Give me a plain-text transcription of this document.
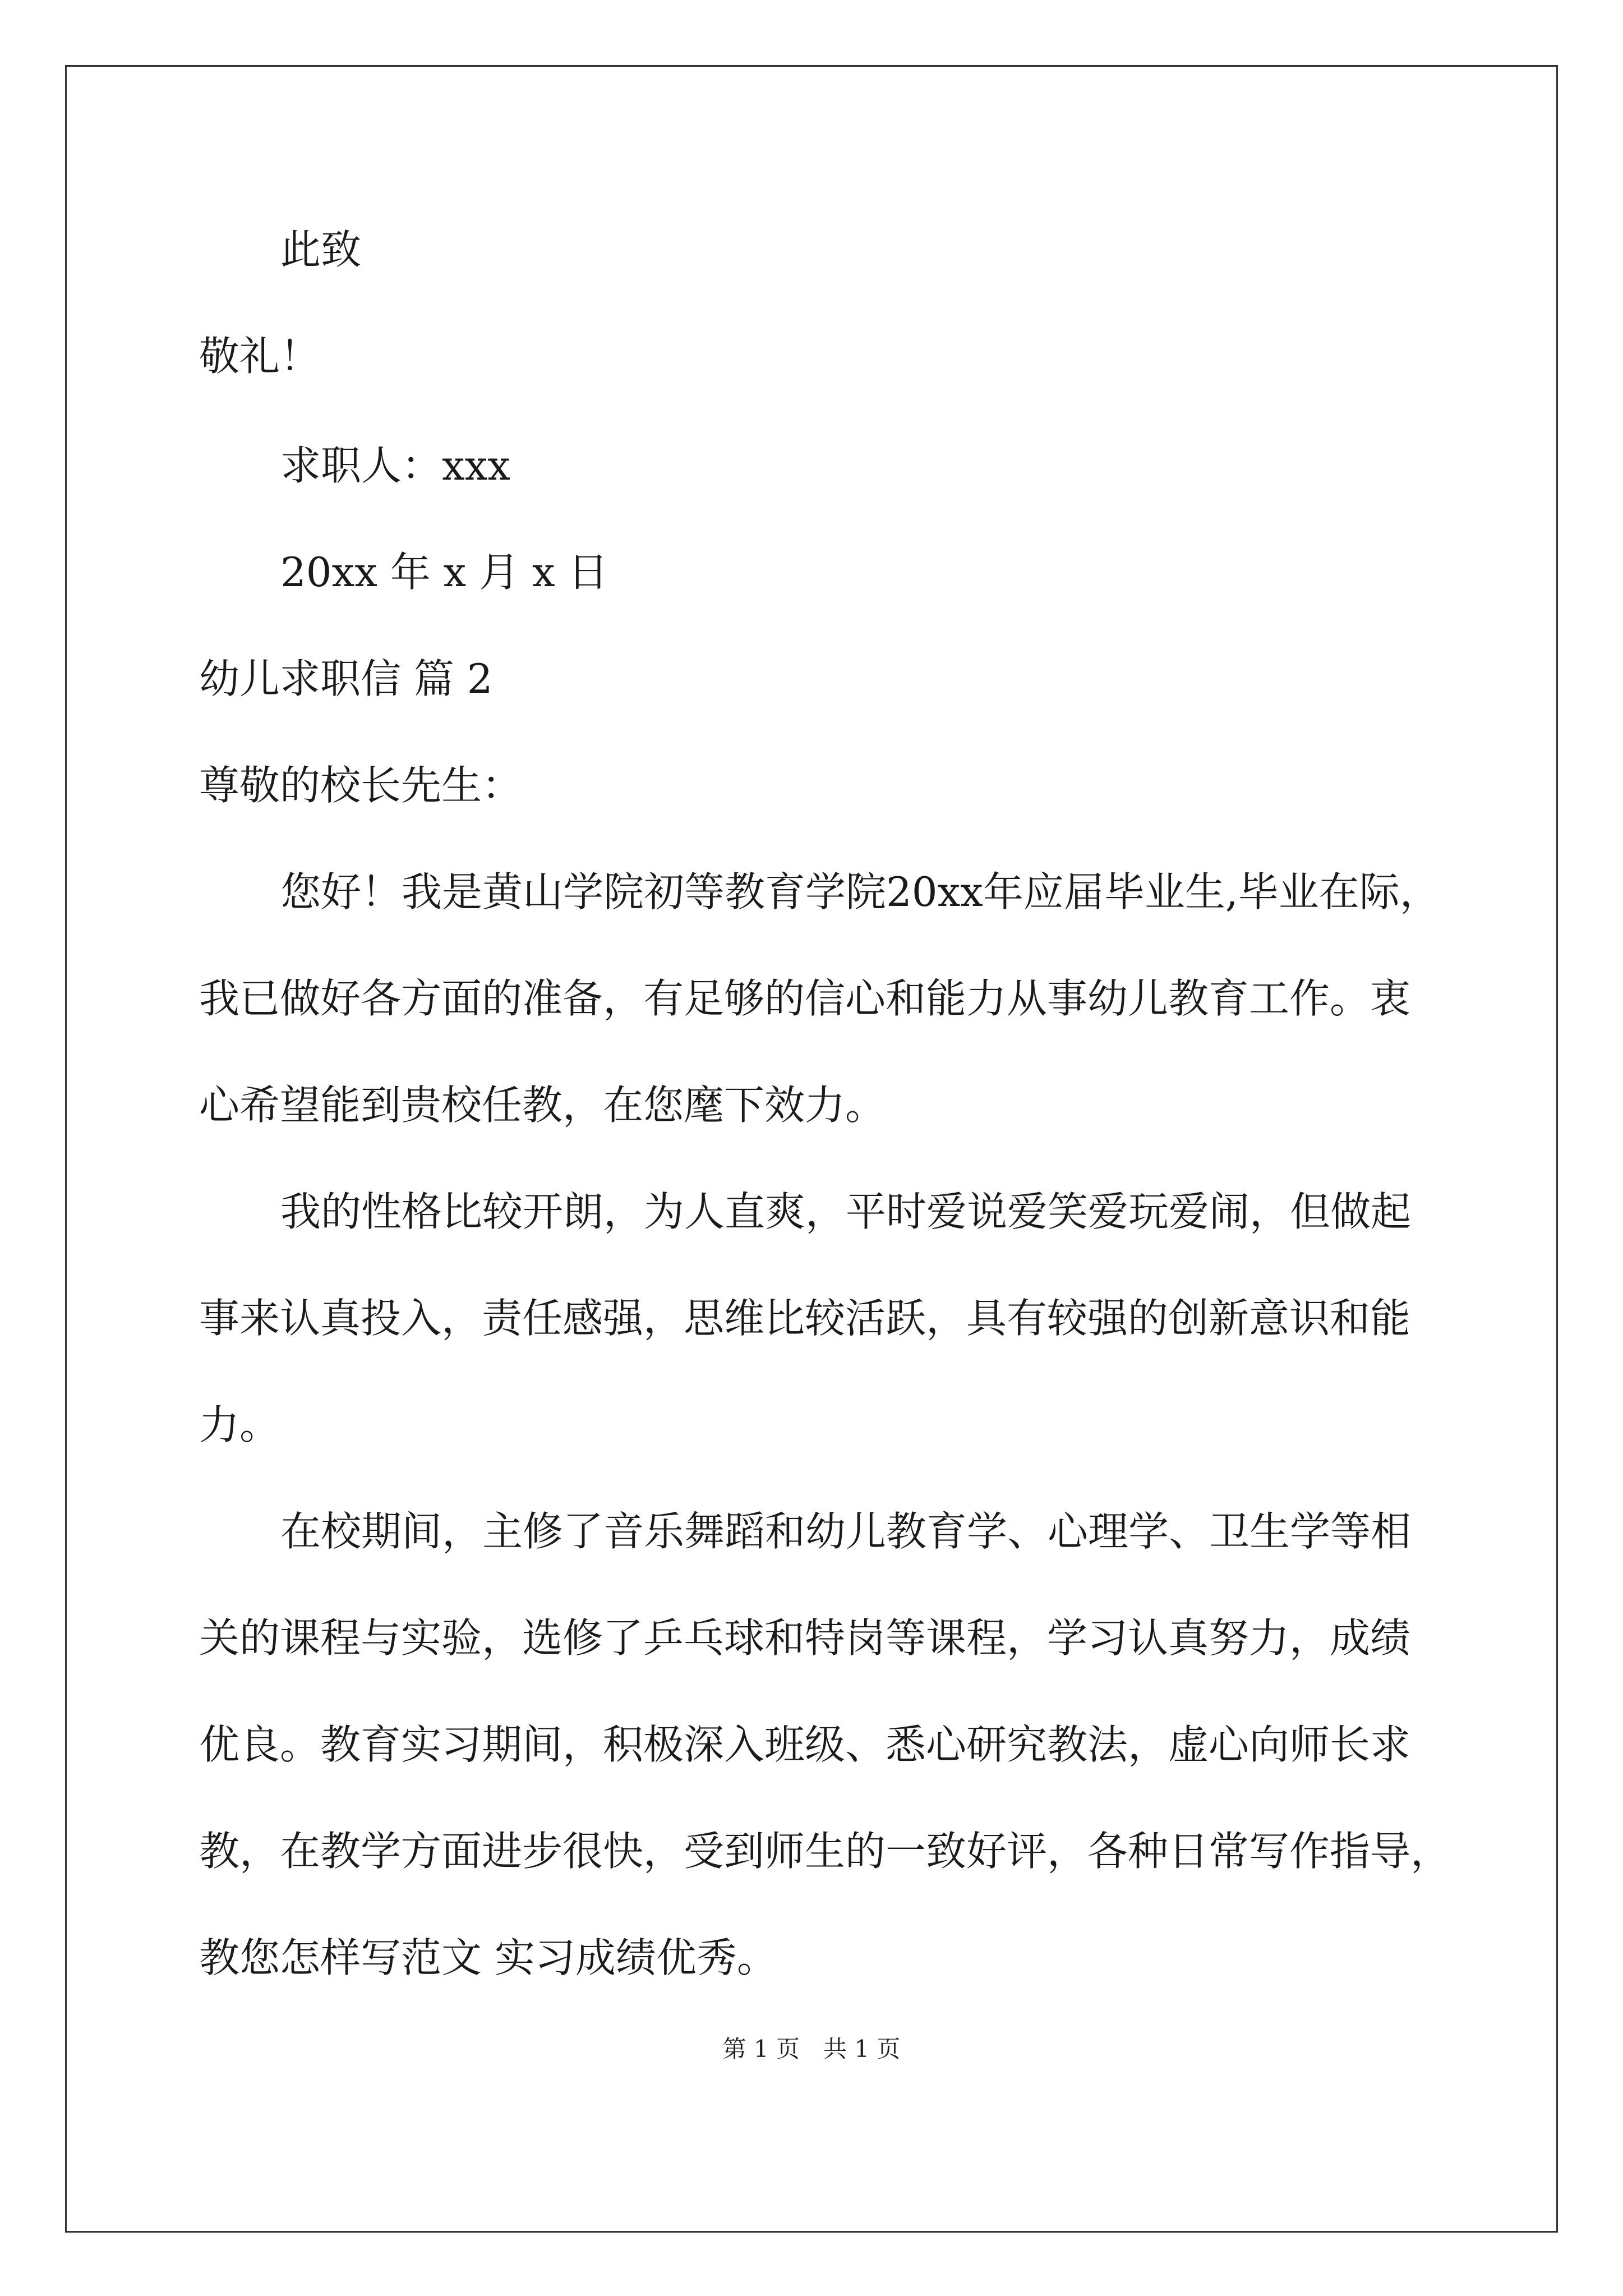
此致
敬礼！
求职人：xxx
20xx 年 x 月 x 日
幼儿求职信 篇 2
尊敬的校长先生：
您好！我是黄山学院初等教育学院20xx年应届毕业生,毕业在际，
我已做好各方面的准备，有足够的信心和能力从事幼儿教育工作。衷
心希望能到贵校任教，在您麾下效力。
我的性格比较开朗，为人直爽，平时爱说爱笑爱玩爱闹，但做起
事来认真投入，责任感强，思维比较活跃，具有较强的创新意识和能
力。
在校期间，主修了音乐舞蹈和幼儿教育学、心理学、卫生学等相
关的课程与实验，选修了乒乓球和特岗等课程，学习认真努力，成绩
优良。教育实习期间，积极深入班级、悉心研究教法，虚心向师长求
教，在教学方面进步很快，受到师生的一致好评，各种日常写作指导，
教您怎样写范文 实习成绩优秀。
第 1 页　共 1 页
